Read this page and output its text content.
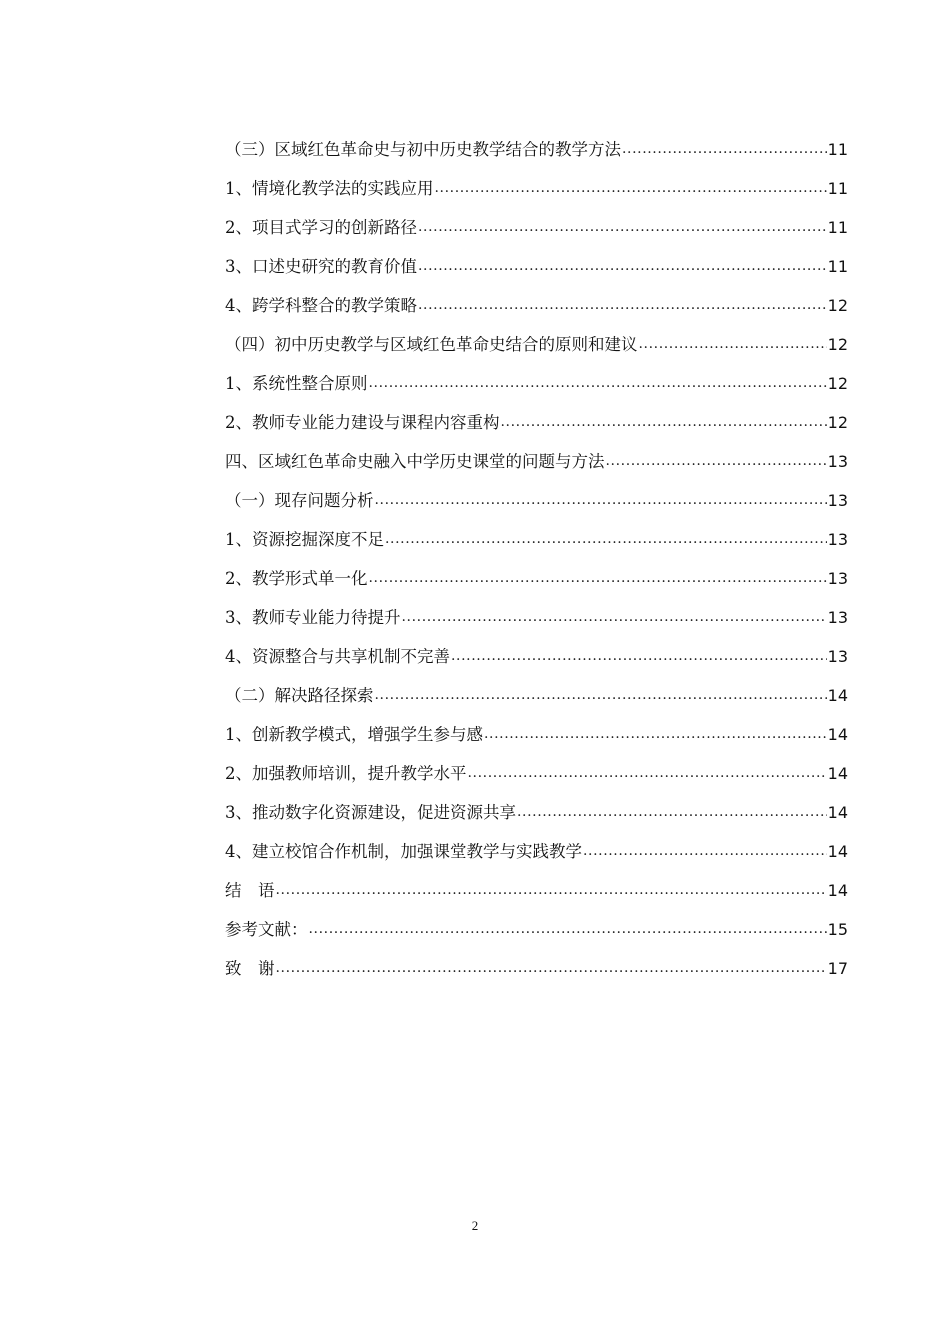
（三）区域红色革命史与初中历史教学结合的教学方法 .....	11
1、情境化教学法的实践应用 .....	11
2、项目式学习的创新路径 .....	11
3、口述史研究的教育价值 .....	11
4、跨学科整合的教学策略 .....	12
（四）初中历史教学与区域红色革命史结合的原则和建议 .....	12
1、系统性整合原则 .....	12
2、教师专业能力建设与课程内容重构 .....	12
四、区域红色革命史融入中学历史课堂的问题与方法 .....	13
（一）现存问题分析 .....	13
1、资源挖掘深度不足 .....	13
2、教学形式单一化 .....	13
3、教师专业能力待提升 .....	13
4、资源整合与共享机制不完善 .....	13
（二）解决路径探索 .....	14
1、创新教学模式，增强学生参与感 .....	14
2、加强教师培训，提升教学水平 .....	14
3、推动数字化资源建设，促进资源共享 .....	14
4、建立校馆合作机制，加强课堂教学与实践教学 .....	14
结　语 .....	14
参考文献： .....	15
致　谢 .....	17
2
